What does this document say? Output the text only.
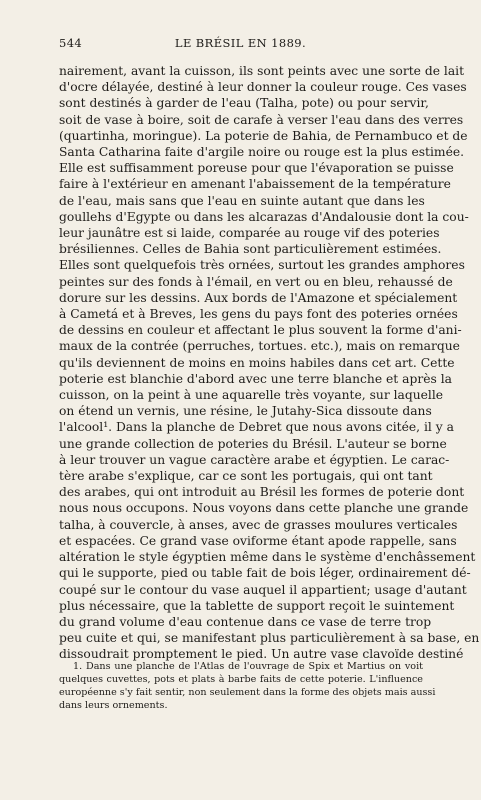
544	LE BRÉSIL EN 1889.
nairement, avant la cuisson, ils sont peints avec une sorte de lait
d'ocre délayée, destiné à leur donner la couleur rouge. Ces vases
sont destinés à garder de l'eau (Talha, pote) ou pour servir,
soit de vase à boire, soit de carafe à verser l'eau dans des verres
(quartinha, moringue). La poterie de Bahia, de Pernambuco et de
Santa Catharina faite d'argile noire ou rouge est la plus estimée.
Elle est suffisamment poreuse pour que l'évaporation se puisse
faire à l'extérieur en amenant l'abaissement de la température
de l'eau, mais sans que l'eau en suinte autant que dans les
goullehs d'Egypte ou dans les alcarazas d'Andalousie dont la cou-
leur jaunâtre est si laide, comparée au rouge vif des poteries
brésiliennes. Celles de Bahia sont particulièrement estimées.
Elles sont quelquefois très ornées, surtout les grandes amphores
peintes sur des fonds à l'émail, en vert ou en bleu, rehaussé de
dorure sur les dessins. Aux bords de l'Amazone et spécialement
à Cametá et à Breves, les gens du pays font des poteries ornées
de dessins en couleur et affectant le plus souvent la forme d'ani-
maux de la contrée (perruches, tortues. etc.), mais on remarque
qu'ils deviennent de moins en moins habiles dans cet art. Cette
poterie est blanchie d'abord avec une terre blanche et après la
cuisson, on la peint à une aquarelle très voyante, sur laquelle
on étend un vernis, une résine, le Jutahy-Sica dissoute dans
l'alcool¹. Dans la planche de Debret que nous avons citée, il y a
une grande collection de poteries du Brésil. L'auteur se borne
à leur trouver un vague caractère arabe et égyptien. Le carac-
tère arabe s'explique, car ce sont les portugais, qui ont tant
des arabes, qui ont introduit au Brésil les formes de poterie dont
nous nous occupons. Nous voyons dans cette planche une grande
talha, à couvercle, à anses, avec de grasses moulures verticales
et espacées. Ce grand vase oviforme étant apode rappelle, sans
altération le style égyptien même dans le système d'enchâssement
qui le supporte, pied ou table fait de bois léger, ordinairement dé-
coupé sur le contour du vase auquel il appartient; usage d'autant
plus nécessaire, que la tablette de support reçoit le suintement
du grand volume d'eau contenue dans ce vase de terre trop
peu cuite et qui, se manifestant plus particulièrement à sa base, en
dissoudrait promptement le pied. Un autre vase clavoïde destiné
1. Dans une planche de l'Atlas de l'ouvrage de Spix et Martius on voit
quelques cuvettes, pots et plats à barbe faits de cette poterie. L'influence
européenne s'y fait sentir, non seulement dans la forme des objets mais aussi
dans leurs ornements.
